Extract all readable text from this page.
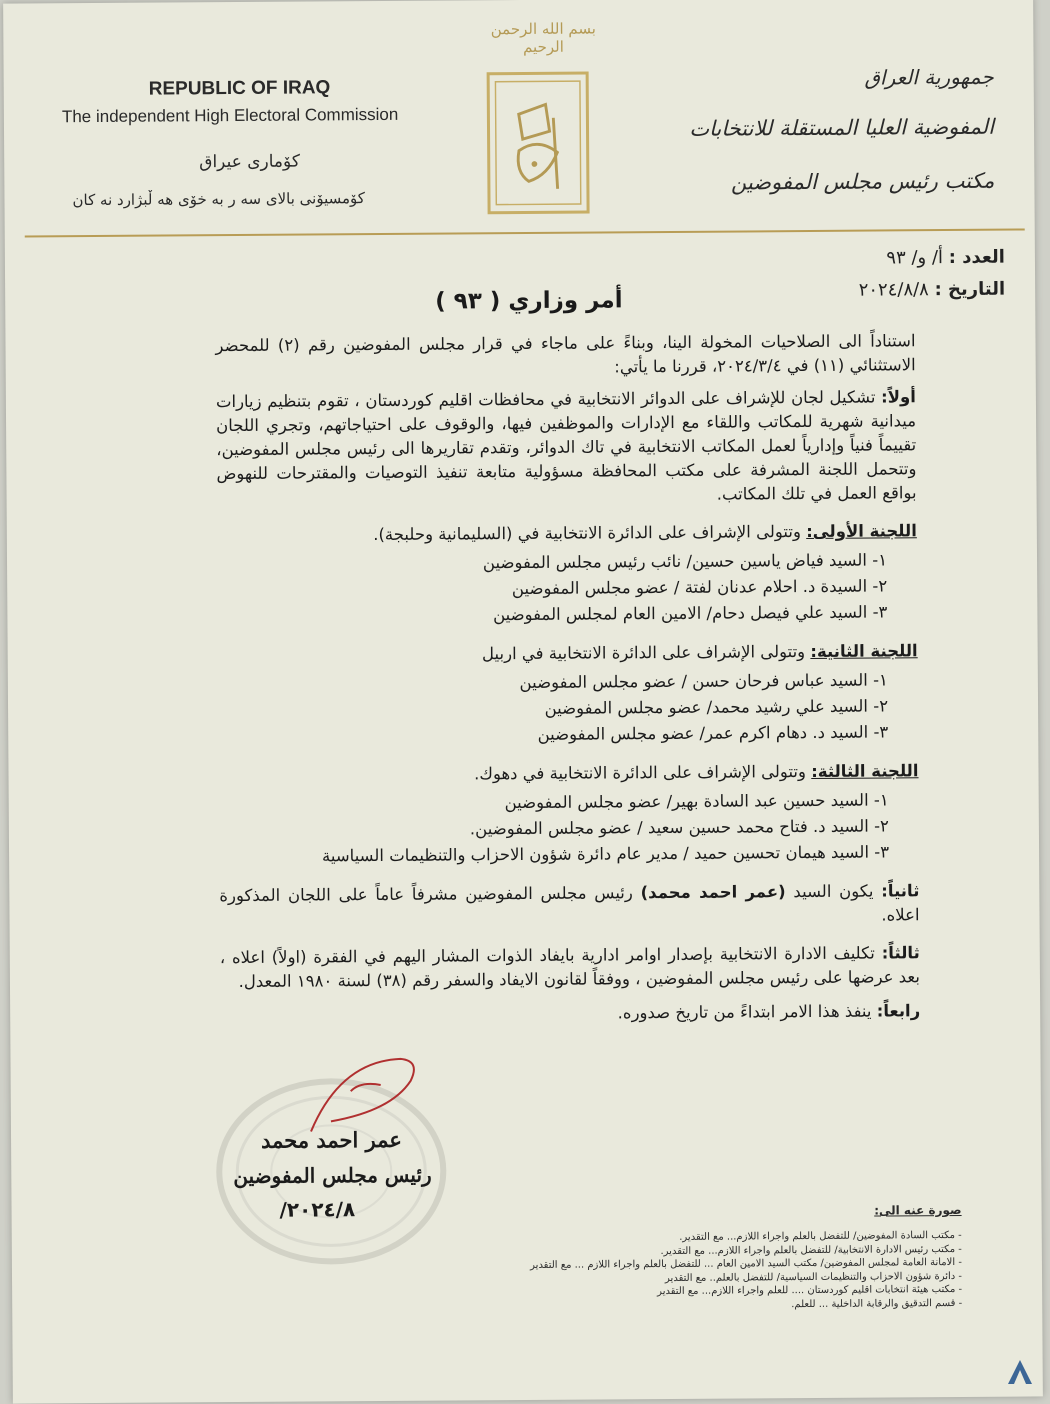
بسم الله الرحمن الرحيم
REPUBLIC OF IRAQ
The independent High Electoral Commission
كۆمارى عيراق
كۆمسيۆنى بالاى سه ر به خۆى هه ڵبژارد نه كان
جمهورية العراق
المفوضية العليا المستقلة للانتخابات
مكتب رئيس مجلس المفوضين
العدد : أ/ و/ ٩٣
التاريخ : ٢٠٢٤/٨/٨
أمر وزاري ( ٩٣ )

استناداً الى الصلاحيات المخولة الينا، وبناءً على ماجاء في قرار مجلس المفوضين رقم (٢) للمحضر الاستثنائي (١١) في ٢٠٢٤/٣/٤، قررنا ما يأتي:

أولاً: تشكيل لجان للإشراف على الدوائر الانتخابية في محافظات اقليم كوردستان ، تقوم بتنظيم زيارات ميدانية شهرية للمكاتب واللقاء مع الإدارات والموظفين فيها، والوقوف على احتياجاتهم، وتجري اللجان تقييماً فنياً وإدارياً لعمل المكاتب الانتخابية في تاك الدوائر، وتقدم تقاريرها الى رئيس مجلس المفوضين، وتتحمل اللجنة المشرفة على مكتب المحافظة مسؤولية متابعة تنفيذ التوصيات والمقترحات للنهوض بواقع العمل في تلك المكاتب.

اللجنة الأولى: وتتولى الإشراف على الدائرة الانتخابية في (السليمانية وحلبجة).
١- السيد فياض ياسين حسين/ نائب رئيس مجلس المفوضين
٢- السيدة د. احلام عدنان لفتة / عضو مجلس المفوضين
٣- السيد علي فيصل دحام/ الامين العام لمجلس المفوضين
اللجنة الثانية: وتتولى الإشراف على الدائرة الانتخابية في اربيل
١- السيد عباس فرحان حسن / عضو مجلس المفوضين
٢- السيد علي رشيد محمد/ عضو مجلس المفوضين
٣- السيد د. دهام اكرم عمر/ عضو مجلس المفوضين
اللجنة الثالثة: وتتولى الإشراف على الدائرة الانتخابية في دهوك.
١- السيد حسين عبد السادة بهير/ عضو مجلس المفوضين
٢- السيد د. فتاح محمد حسين سعيد / عضو مجلس المفوضين.
٣- السيد هيمان تحسين حميد / مدير عام دائرة شؤون الاحزاب والتنظيمات السياسية

ثانياً: يكون السيد (عمر احمد محمد) رئيس مجلس المفوضين مشرفاً عاماً على اللجان المذكورة اعلاه.

ثالثاً: تكليف الادارة الانتخابية بإصدار اوامر ادارية بايفاد الذوات المشار اليهم في الفقرة (اولاً) اعلاه ، بعد عرضها على رئيس مجلس المفوضين ، ووفقاً لقانون الايفاد والسفر رقم (٣٨) لسنة ١٩٨٠ المعدل.

رابعاً: ينفذ هذا الامر ابتداءً من تاريخ صدوره.

عمر احمد محمد
رئيس مجلس المفوضين
٢٠٢٤/٨/	صورة عنه الى:
- مكتب السادة المفوضين/ للتفضل بالعلم واجراء اللازم... مع التقدير.
- مكتب رئيس الادارة الانتخابية/ للتفضل بالعلم واجراء اللازم... مع التقدير.
- الامانة العامة لمجلس المفوضين/ مكتب السيد الامين العام ... للتفضل بالعلم واجراء اللازم ... مع التقدير
- دائرة شؤون الاحزاب والتنظيمات السياسية/ للتفضل بالعلم.. مع التقدير
- مكتب هيئة انتخابات اقليم كوردستان .... للعلم واجراء اللازم... مع التقدير
- قسم التدقيق والرقابة الداخلية ... للعلم.
